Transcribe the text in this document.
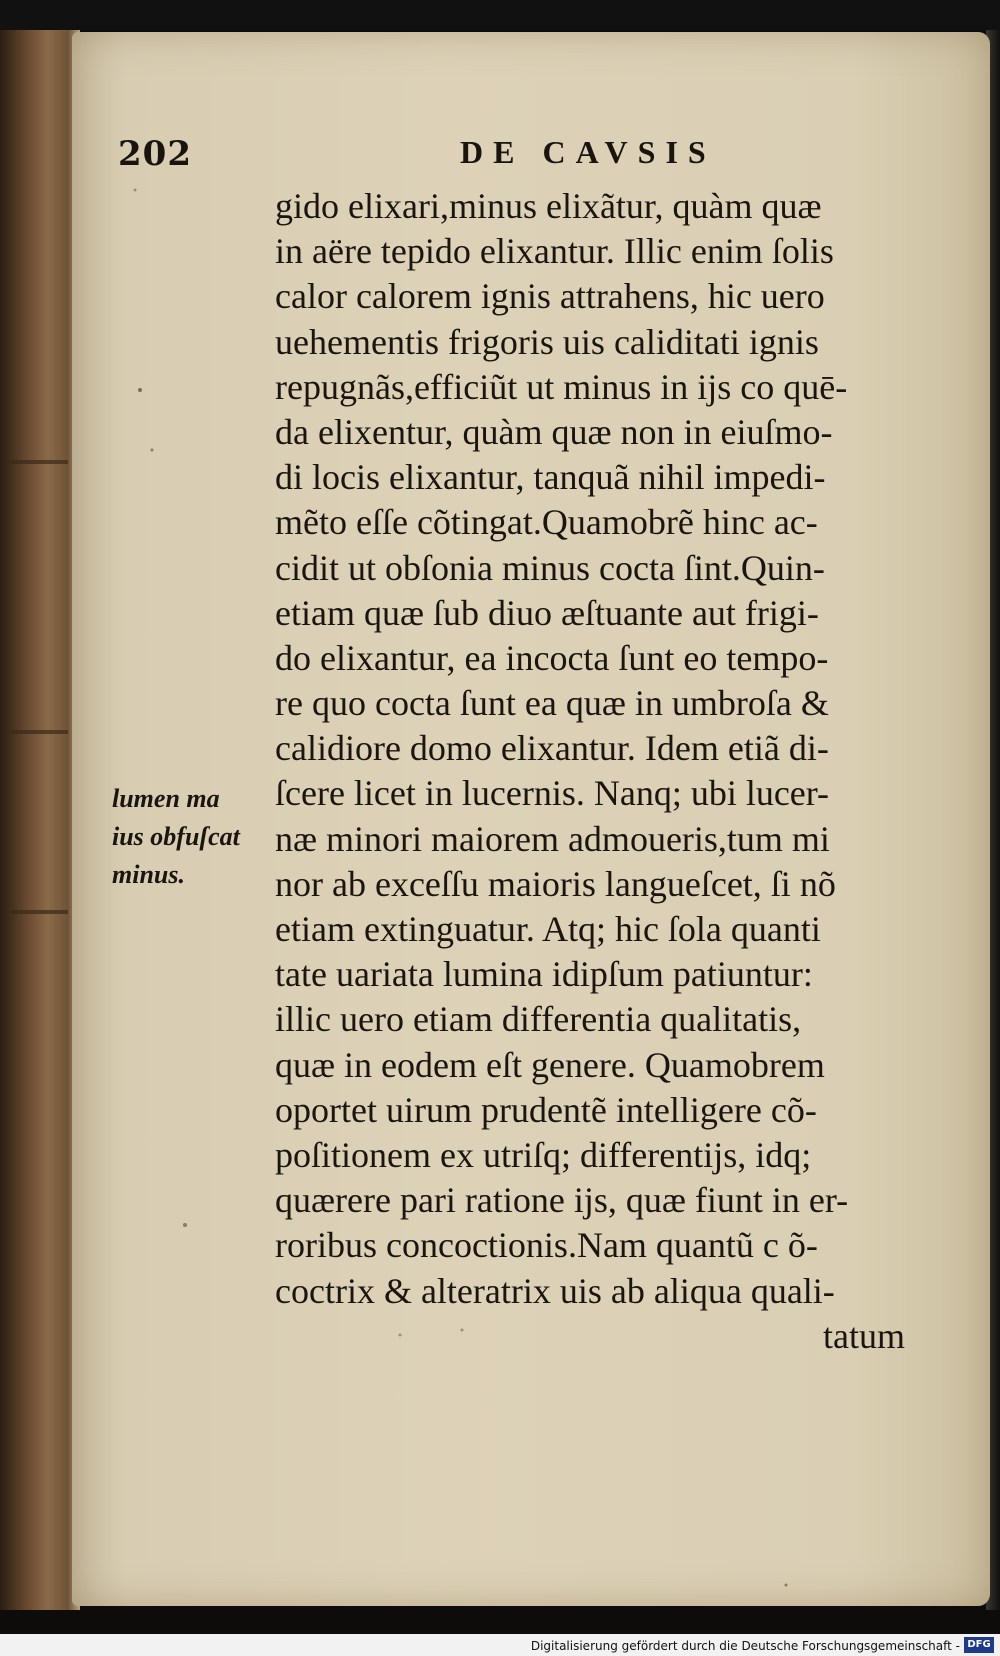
202	DE CAVSIS
gido elixari,minus elixãtur, quàm quæ
in aëre tepido elixantur. Illic enim ſolis
calor calorem ignis attrahens, hic uero
uehementis frigoris uis caliditati ignis
repugnãs,efficiũt ut minus in ijs co quē-
da elixentur, quàm quæ non in eiuſmo-
di locis elixantur, tanquã nihil impedi-
mẽto eſſe cõtingat.Quamobrẽ hinc ac-
cidit ut obſonia minus cocta ſint.Quin-
etiam quæ ſub diuo æſtuante aut frigi-
do elixantur, ea incocta ſunt eo tempo-
re quo cocta ſunt ea quæ in umbroſa &
calidiore domo elixantur. Idem etiã di-
ſcere licet in lucernis. Nanq; ubi lucer-
næ minori maiorem admoueris,tum mi
nor ab exceſſu maioris langueſcet, ſi nõ
etiam extinguatur. Atq; hic ſola quanti
tate uariata lumina idipſum patiuntur:
illic uero etiam differentia qualitatis,
quæ in eodem eſt genere. Quamobrem
oportet uirum prudentẽ intelligere cõ-
poſitionem ex utriſq; differentijs, idq;
quærere pari ratione ijs, quæ fiunt in er-
roribus concoctionis.Nam quantũ c õ-
coctrix & alteratrix uis ab aliqua quali-
tatum
lumen ma
ius obfuſcat
minus.
Digitalisierung gefördert durch die Deutsche Forschungsgemeinschaft - DFG
